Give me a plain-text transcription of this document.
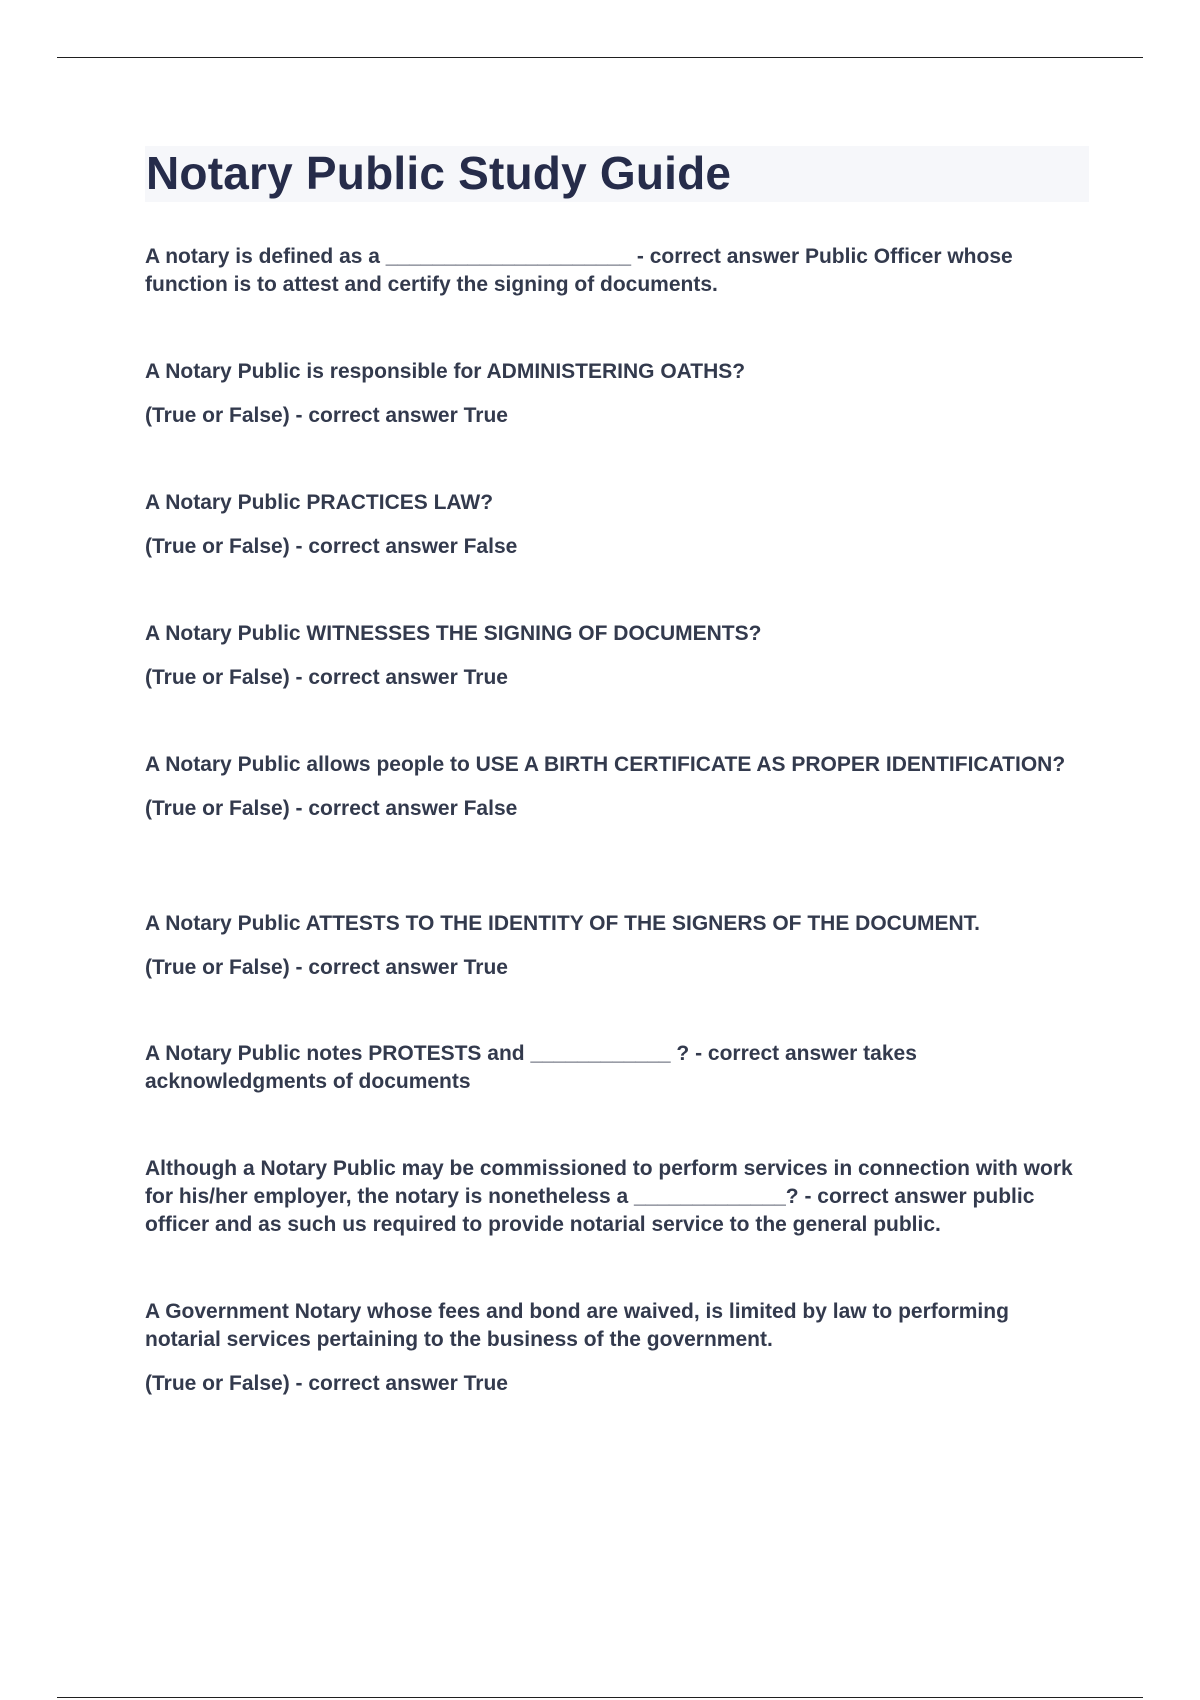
Notary Public Study Guide

A notary is defined as a _____________________ - correct answer Public Officer whose function is to attest and certify the signing of documents.

A Notary Public is responsible for ADMINISTERING OATHS?

(True or False) - correct answer True

A Notary Public PRACTICES LAW?

(True or False) - correct answer False

A Notary Public WITNESSES THE SIGNING OF DOCUMENTS?

(True or False) - correct answer True

A Notary Public allows people to USE A BIRTH CERTIFICATE AS PROPER IDENTIFICATION?

(True or False) - correct answer False

A Notary Public ATTESTS TO THE IDENTITY OF THE SIGNERS OF THE DOCUMENT.

(True or False) - correct answer True

A Notary Public notes PROTESTS and ____________ ? - correct answer takes acknowledgments of documents

Although a Notary Public may be commissioned to perform services in connection with work for his/her employer, the notary is nonetheless a _____________? - correct answer public officer and as such us required to provide notarial service to the general public.

A Government Notary whose fees and bond are waived, is limited by law to performing notarial services pertaining to the business of the government.

(True or False) - correct answer True
